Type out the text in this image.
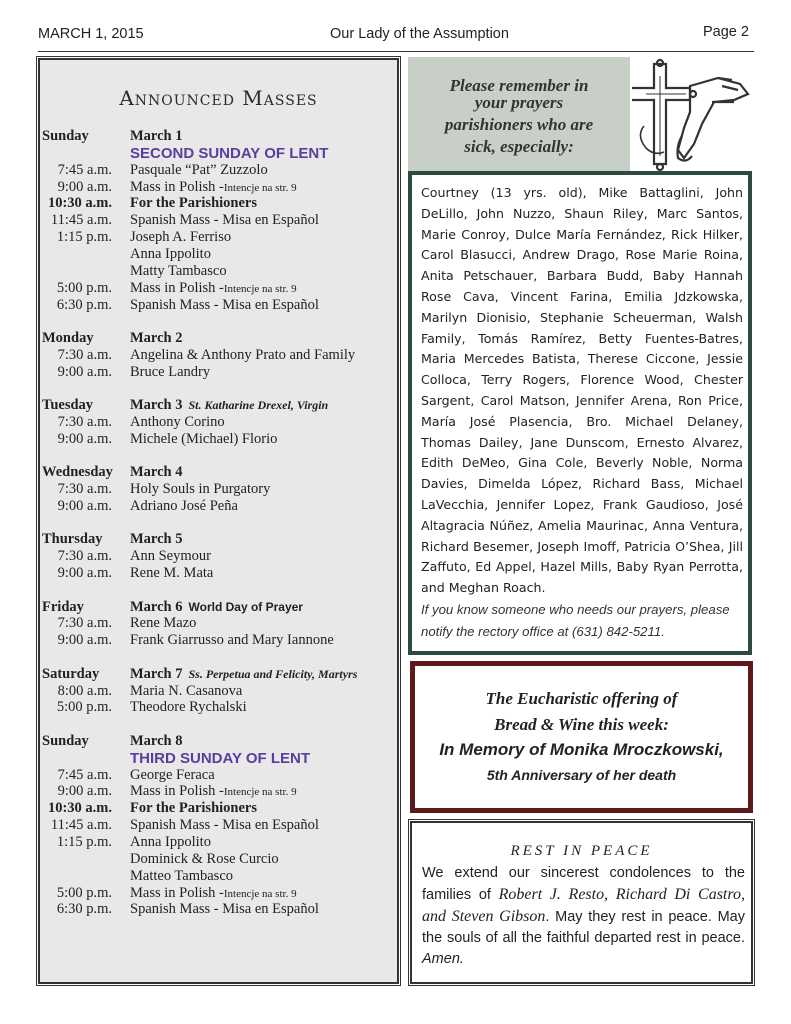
MARCH 1, 2015	Our Lady of the Assumption	Page 2
Announced Masses
Sunday	March 1
SECOND SUNDAY OF LENT
7:45 a.m. Pasquale “Pat” Zuzzolo
9:00 a.m. Mass in Polish -Intencje na str. 9
10:30 a.m. For the Parishioners
11:45 a.m. Spanish Mass - Misa en Español
1:15 p.m. Joseph A. Ferriso
Anna Ippolito
Matty Tambasco
5:00 p.m. Mass in Polish -Intencje na str. 9
6:30 p.m. Spanish Mass - Misa en Español
Monday	March 2
7:30 a.m. Angelina & Anthony Prato and Family
9:00 a.m. Bruce Landry
Tuesday	March 3 St. Katharine Drexel, Virgin
7:30 a.m. Anthony Corino
9:00 a.m. Michele (Michael) Florio
Wednesday	March 4
7:30 a.m. Holy Souls in Purgatory
9:00 a.m. Adriano José Peña
Thursday	March 5
7:30 a.m. Ann Seymour
9:00 a.m. Rene M. Mata
Friday	March 6 World Day of Prayer
7:30 a.m. Rene Mazo
9:00 a.m. Frank Giarrusso and Mary Iannone
Saturday	March 7 Ss. Perpetua and Felicity, Martyrs
8:00 a.m. Maria N. Casanova
5:00 p.m. Theodore Rychalski
Sunday	March 8
THIRD SUNDAY OF LENT
7:45 a.m. George Feraca
9:00 a.m. Mass in Polish -Intencje na str. 9
10:30 a.m. For the Parishioners
11:45 a.m. Spanish Mass - Misa en Español
1:15 p.m. Anna Ippolito
Dominick & Rose Curcio
Matteo Tambasco
5:00 p.m. Mass in Polish -Intencje na str. 9
6:30 p.m. Spanish Mass - Misa en Español
Please remember in
your prayers
parishioners who are
sick, especially:
Courtney (13 yrs. old), Mike Battaglini, John DeLillo, John Nuzzo, Shaun Riley, Marc Santos, Marie Conroy, Dulce María Fernández, Rick Hilker, Carol Blasucci, Andrew Drago, Rose Marie Roina, Anita Petschauer, Barbara Budd, Baby Hannah Rose Cava, Vincent Farina, Emilia Jdzkowska, Marilyn Dionisio, Stephanie Scheuerman, Walsh Family, Tomás Ramírez, Betty Fuentes-Batres, Maria Mercedes Batista, Therese Ciccone, Jessie Colloca, Terry Rogers, Florence Wood, Chester Sargent, Carol Matson, Jennifer Arena, Ron Price, María José Plasencia, Bro. Michael Delaney, Thomas Dailey, Jane Dunscom, Ernesto Alvarez, Edith DeMeo, Gina Cole, Beverly Noble, Norma Davies, Dimelda López, Richard Bass, Michael LaVecchia, Jennifer Lopez, Frank Gaudioso, José Altagracia Núñez, Amelia Maurinac, Anna Ventura, Richard Besemer, Joseph Imoff, Patricia O’Shea, Jill Zaffuto, Ed Appel, Hazel Mills, Baby Ryan Perrotta, and Meghan Roach.
If you know someone who needs our prayers, please notify the rectory office at (631) 842-5211.
The Eucharistic offering of
Bread & Wine this week:
In Memory of Monika Mroczkowski,
5th Anniversary of her death
REST IN PEACE
We extend our sincerest condolences to the families of Robert J. Resto, Richard Di Castro, and Steven Gibson. May they rest in peace. May the souls of all the faithful departed rest in peace. Amen.
